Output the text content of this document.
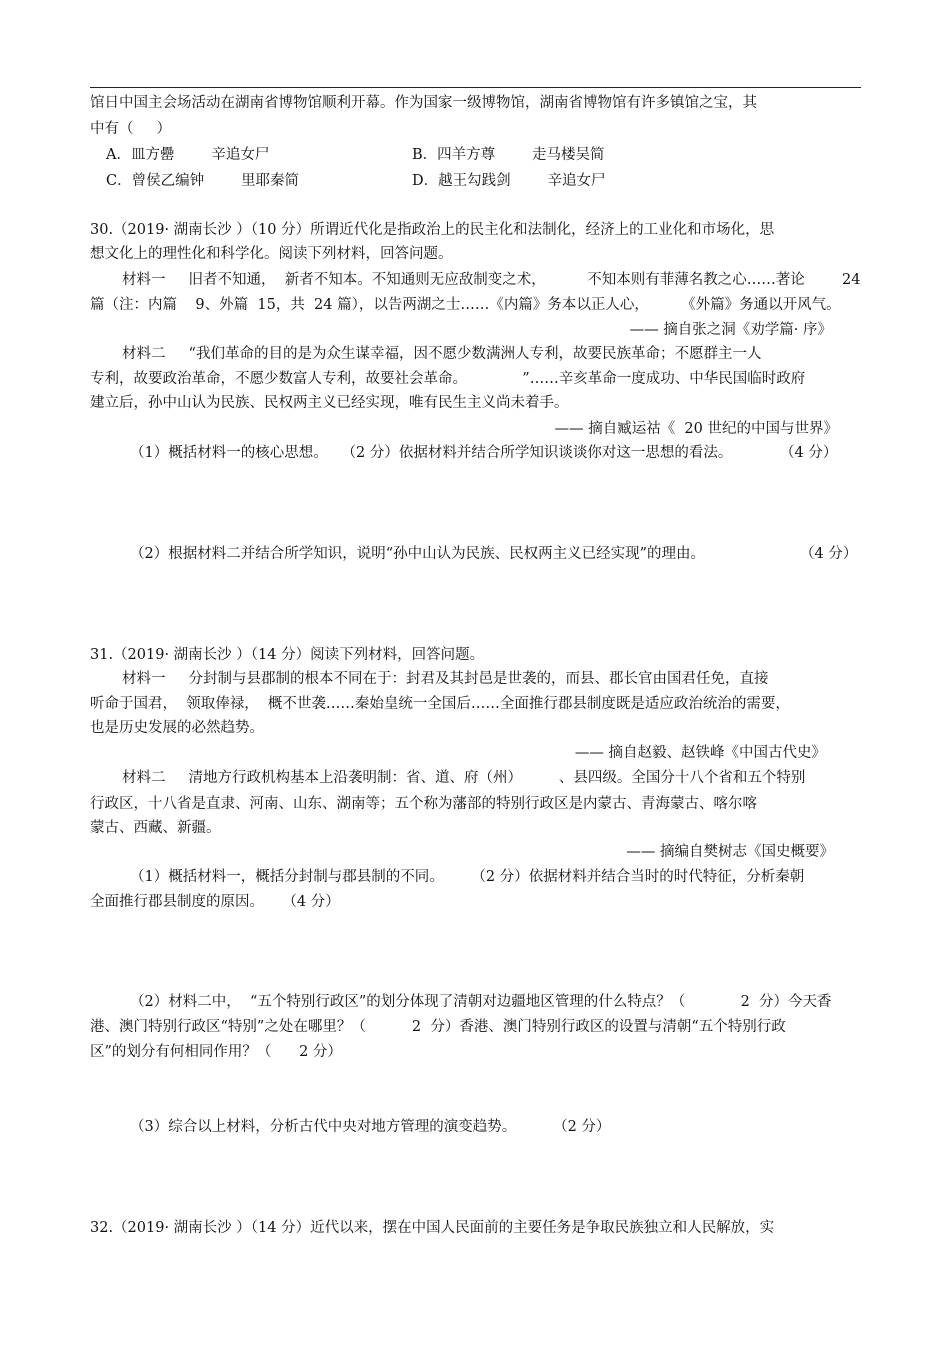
馆日中国主会场活动在湖南省博物馆顺利开幕。作为国家一级博物馆，湖南省博物馆有许多镇馆之宝，其
中有（     ）
A．皿方罍        辛追女尸	B．四羊方尊        走马楼吴简
C．曾侯乙编钟        里耶秦简	D．越王勾践剑        辛追女尸
30.（2019· 湖南长沙 ）（10 分）所谓近代化是指政治上的民主化和法制化，经济上的工业化和市场化，思
想文化上的理性化和科学化。阅读下列材料，回答问题。
材料一     旧者不知通，  新者不知本。不知通则无应敌制变之术，         不知本则有菲薄名教之心……著论	24
篇（注：内篇    9、外篇  15，共  24 篇），以告两湖之士……《内篇》务本以正人心，       《外篇》务通以开风气。
—— 摘自张之洞《劝学篇· 序》
材料二     “我们革命的目的是为众生谋幸福，因不愿少数满洲人专利，故要民族革命；不愿群主一人
专利，故要政治革命，不愿少数富人专利，故要社会革命。            ”……辛亥革命一度成功、中华民国临时政府
建立后，孙中山认为民族、民权两主义已经实现，唯有民生主义尚未着手。
—— 摘自臧运祜《  20 世纪的中国与世界》
（1）概括材料一的核心思想。   （2 分）依据材料并结合所学知识谈谈你对这一思想的看法。	（4 分）
（2）根据材料二并结合所学知识，说明“孙中山认为民族、民权两主义已经实现”的理由。	（4 分）
31.（2019· 湖南长沙 ）（14 分）阅读下列材料，回答问题。
材料一     分封制与县郡制的根本不同在于：封君及其封邑是世袭的，而县、郡长官由国君任免，直接
听命于国君，  领取俸禄，  概不世袭……秦始皇统一全国后……全面推行郡县制度既是适应政治统治的需要，
也是历史发展的必然趋势。
—— 摘自赵毅、赵铁峰《中国古代史》
材料二     清地方行政机构基本上沿袭明制：省、道、府（州）        、县四级。全国分十八个省和五个特别
行政区，十八省是直隶、河南、山东、湖南等；五个称为藩部的特别行政区是内蒙古、青海蒙古、喀尔喀
蒙古、西藏、新疆。
—— 摘编自樊树志《国史概要》
（1）概括材料一，概括分封制与郡县制的不同。      （2 分）依据材料并结合当时的时代特征，分析秦朝
全面推行郡县制度的原因。    （4 分）
（2）材料二中，  “五个特别行政区”的划分体现了清朝对边疆地区管理的什么特点？（            2  分）今天香
港、澳门特别行政区“特别”之处在哪里？（          2  分）香港、澳门特别行政区的设置与清朝“五个特别行政
区”的划分有何相同作用？（      2 分）
（3）综合以上材料，分析古代中央对地方管理的演变趋势。        （2 分）
32.（2019· 湖南长沙 ）（14 分）近代以来，摆在中国人民面前的主要任务是争取民族独立和人民解放，实
